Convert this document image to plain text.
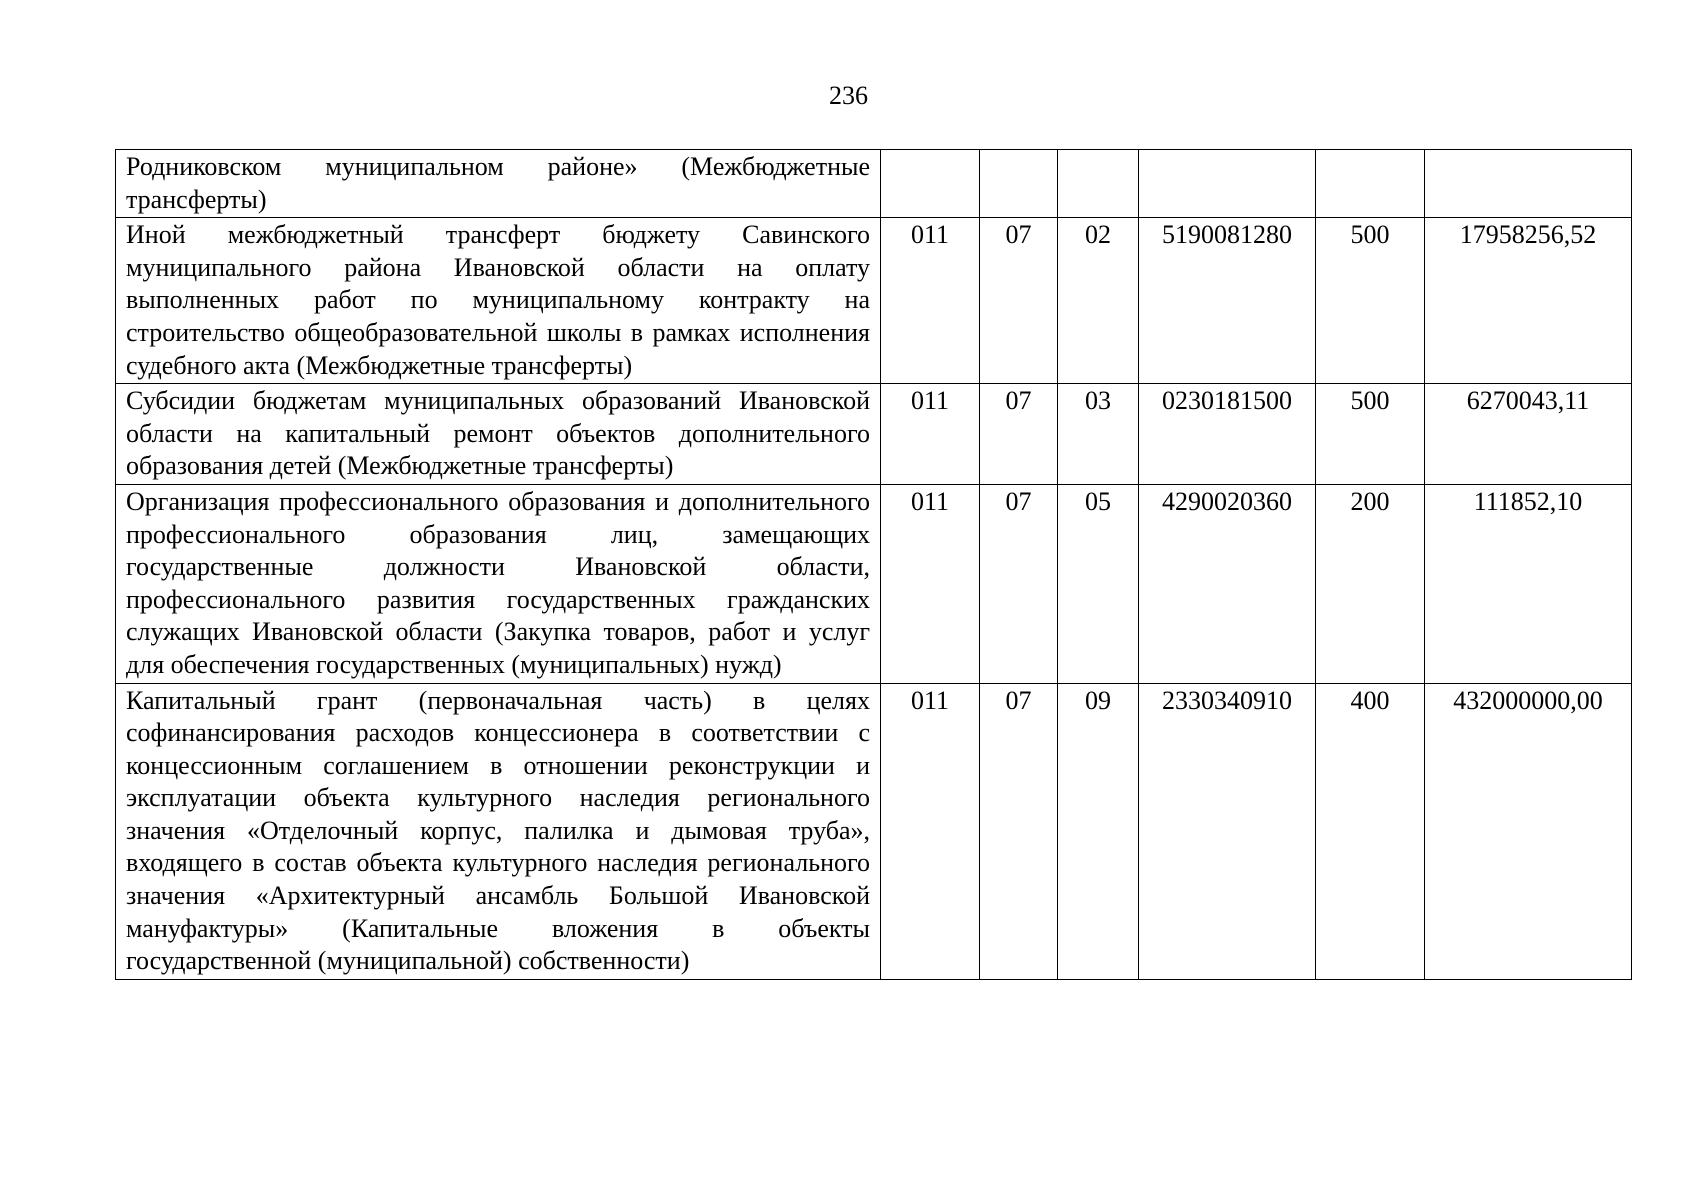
236
Родниковском муниципальном районе» (Межбюджетные трансферты)						
Иной межбюджетный трансферт бюджету Савинского муниципального района Ивановской области на оплату выполненных работ по муниципальному контракту на строительство общеобразовательной школы в рамках исполнения судебного акта (Межбюджетные трансферты)	011	07	02	5190081280	500	17958256,52
Субсидии бюджетам муниципальных образований Ивановской области на капитальный ремонт объектов дополнительного образования детей (Межбюджетные трансферты)	011	07	03	0230181500	500	6270043,11
Организация профессионального образования и дополнительного профессионального образования лиц, замещающих государственные должности Ивановской области, профессионального развития государственных гражданских служащих Ивановской области (Закупка товаров, работ и услуг для обеспечения государственных (муниципальных) нужд)	011	07	05	4290020360	200	111852,10
Капитальный грант (первоначальная часть) в целях софинансирования расходов концессионера в соответствии с концессионным соглашением в отношении реконструкции и эксплуатации объекта культурного наследия регионального значения «Отделочный корпус, палилка и дымовая труба», входящего в состав объекта культурного наследия регионального значения «Архитектурный ансамбль Большой Ивановской мануфактуры» (Капитальные вложения в объекты государственной (муниципальной) собственности)	011	07	09	2330340910	400	432000000,00
